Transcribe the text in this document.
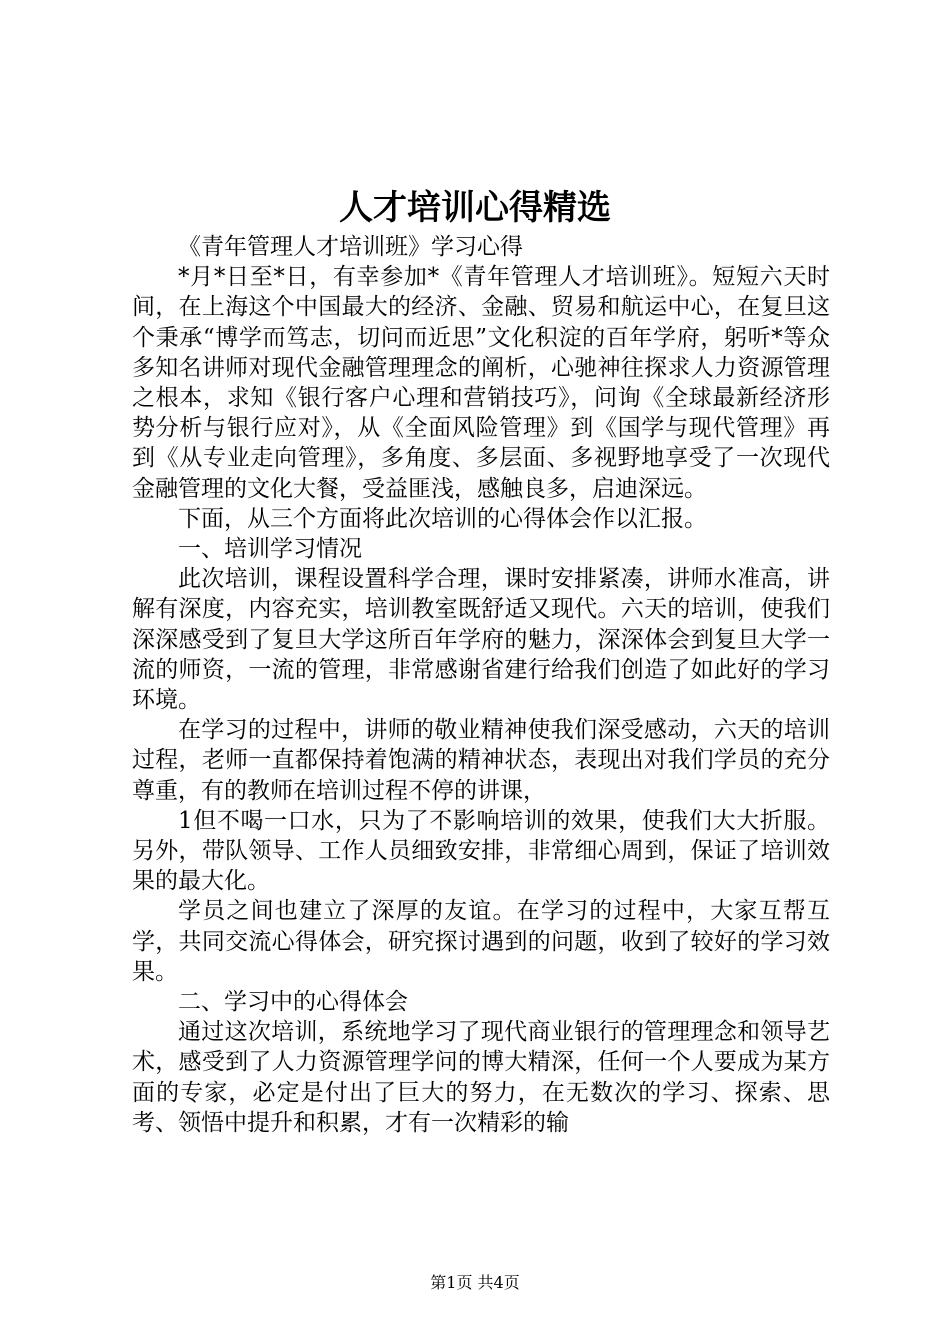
人才培训心得精选

《青年管理人才培训班》学习心得

*月*日至*日，有幸参加*《青年管理人才培训班》。短短六天时间，在上海这个中国最大的经济、金融、贸易和航运中心，在复旦这个秉承“博学而笃志，切问而近思”文化积淀的百年学府，躬听*等众多知名讲师对现代金融管理理念的阐析，心驰神往探求人力资源管理之根本，求知《银行客户心理和营销技巧》，问询《全球最新经济形势分析与银行应对》，从《全面风险管理》到《国学与现代管理》再到《从专业走向管理》，多角度、多层面、多视野地享受了一次现代金融管理的文化大餐，受益匪浅，感触良多，启迪深远。

下面，从三个方面将此次培训的心得体会作以汇报。

一、培训学习情况

此次培训，课程设置科学合理，课时安排紧凑，讲师水准高，讲解有深度，内容充实，培训教室既舒适又现代。六天的培训，使我们深深感受到了复旦大学这所百年学府的魅力，深深体会到复旦大学一流的师资，一流的管理，非常感谢省建行给我们创造了如此好的学习环境。

在学习的过程中，讲师的敬业精神使我们深受感动，六天的培训过程，老师一直都保持着饱满的精神状态，表现出对我们学员的充分尊重，有的教师在培训过程不停的讲课，

1但不喝一口水，只为了不影响培训的效果，使我们大大折服。另外，带队领导、工作人员细致安排，非常细心周到，保证了培训效果的最大化。

学员之间也建立了深厚的友谊。在学习的过程中，大家互帮互学，共同交流心得体会，研究探讨遇到的问题，收到了较好的学习效果。

二、学习中的心得体会

通过这次培训，系统地学习了现代商业银行的管理理念和领导艺术，感受到了人力资源管理学问的博大精深，任何一个人要成为某方面的专家，必定是付出了巨大的努力，在无数次的学习、探索、思考、领悟中提升和积累，才有一次精彩的输

第1页 共4页
